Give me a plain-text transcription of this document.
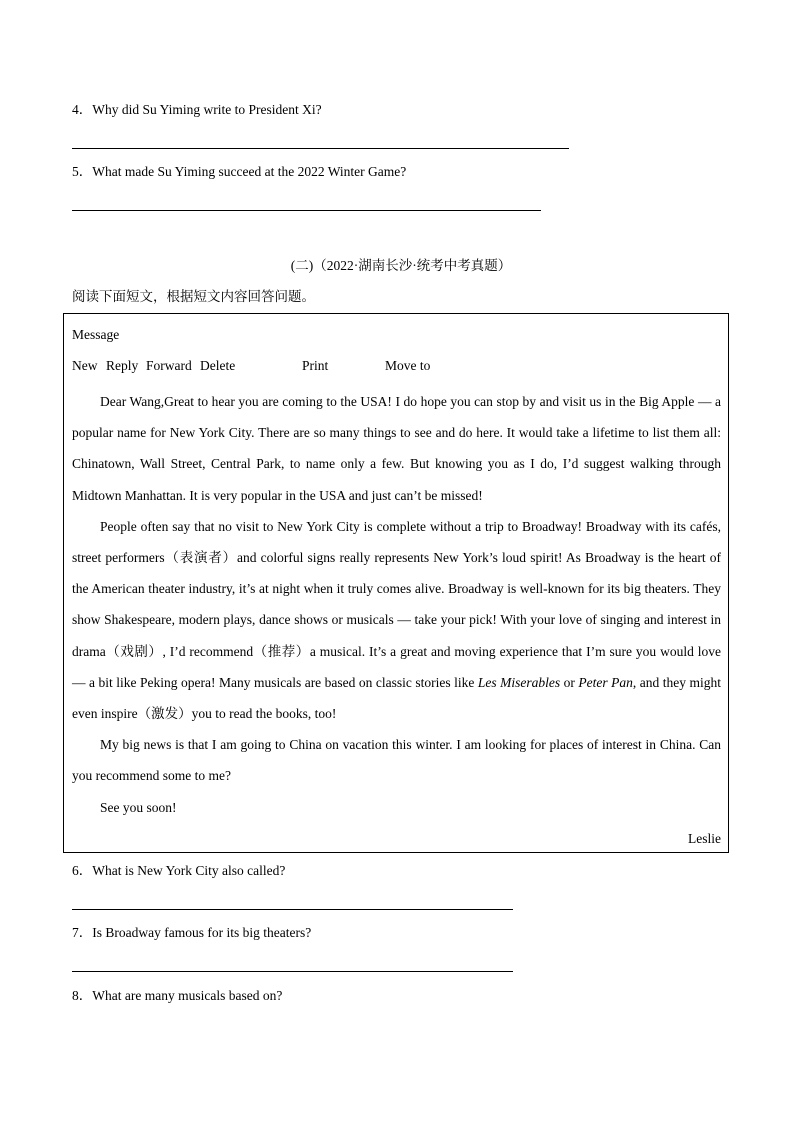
4．Why did Su Yiming write to President Xi?
5．What made Su Yiming succeed at the 2022 Winter Game?
(二)（2022·湖南长沙·统考中考真题）
阅读下面短文，根据短文内容回答问题。
Message
New Reply Forward Delete	Print	Move to

Dear Wang,Great to hear you are coming to the USA! I do hope you can stop by and visit us in the Big Apple — a popular name for New York City. There are so many things to see and do here. It would take a lifetime to list them all: Chinatown, Wall Street, Central Park, to name only a few. But knowing you as I do, I’d suggest walking through Midtown Manhattan. It is very popular in the USA and just can’t be missed!

People often say that no visit to New York City is complete without a trip to Broadway! Broadway with its cafés, street performers（表演者）and colorful signs really represents New York’s loud spirit! As Broadway is the heart of the American theater industry, it’s at night when it truly comes alive. Broadway is well-known for its big theaters. They show Shakespeare, modern plays, dance shows or musicals — take your pick! With your love of singing and interest in drama（戏剧）, I’d recommend（推荐）a musical. It’s a great and moving experience that I’m sure you would love — a bit like Peking opera! Many musicals are based on classic stories like Les Miserables or Peter Pan, and they might even inspire（激发）you to read the books, too!

My big news is that I am going to China on vacation this winter. I am looking for places of interest in China. Can you recommend some to me?

See you soon!
Leslie
6．What is New York City also called?
7．Is Broadway famous for its big theaters?
8．What are many musicals based on?
